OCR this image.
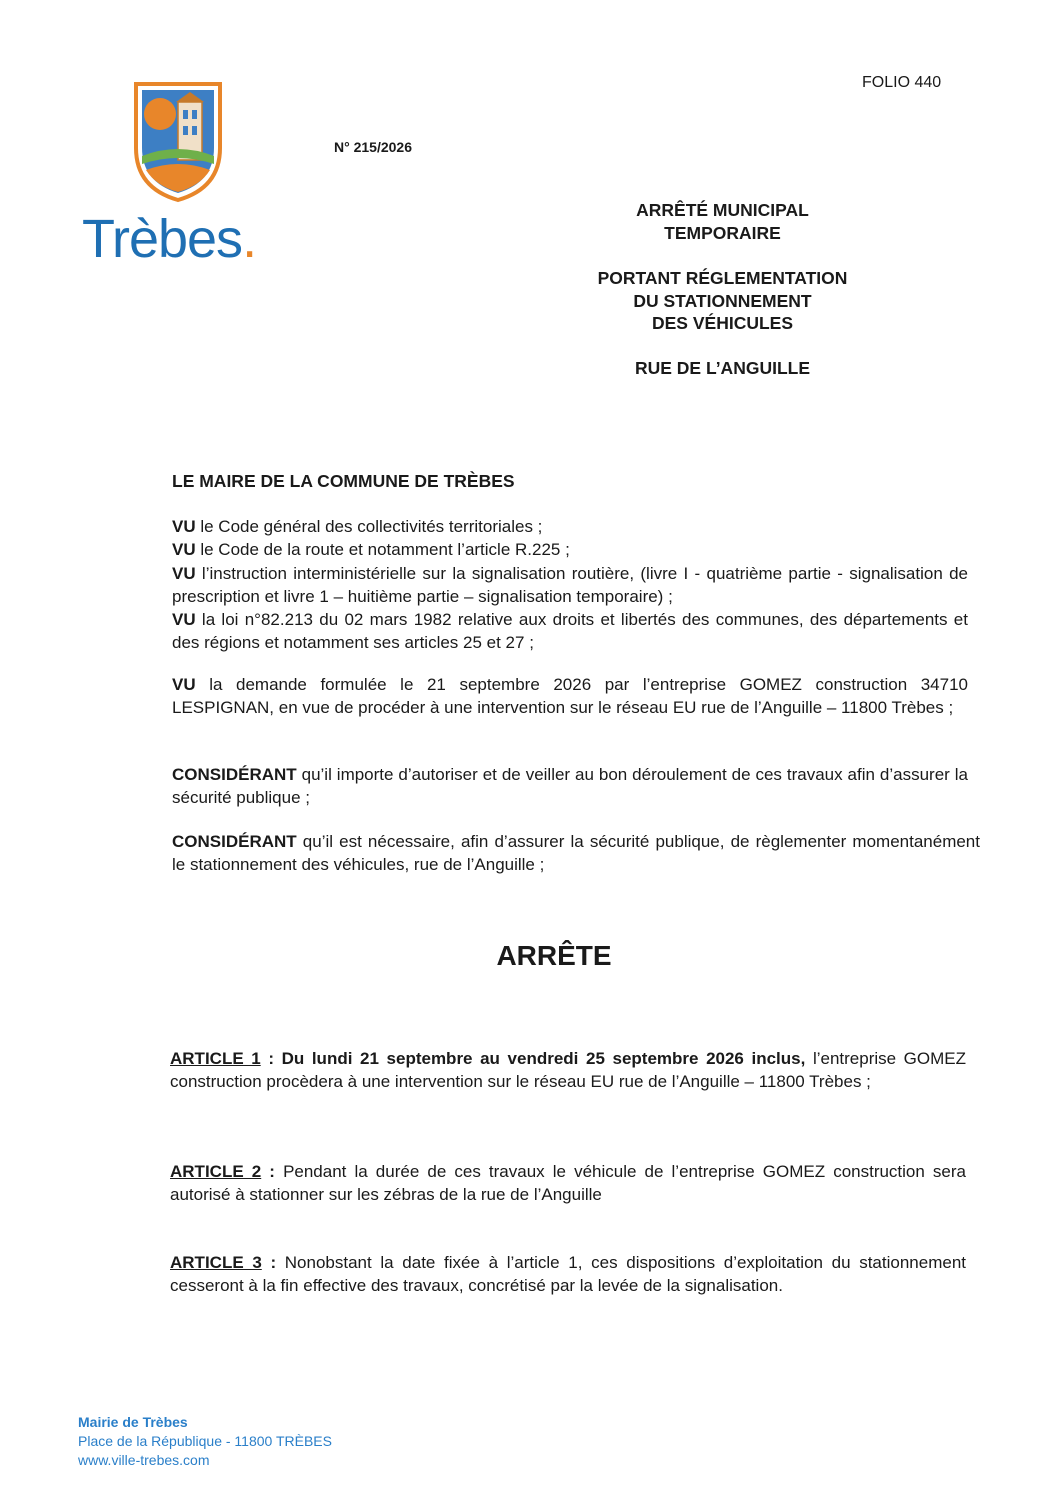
FOLIO 440
Trèbes.
N° 215/2026
ARRÊTÉ MUNICIPAL
TEMPORAIRE
PORTANT RÉGLEMENTATION
DU STATIONNEMENT
DES VÉHICULES
RUE DE L’ANGUILLE
LE MAIRE DE LA COMMUNE DE TRÈBES

VU le Code général des collectivités territoriales ;

VU le Code de la route et notamment l’article R.225 ;

VU l’instruction interministérielle sur la signalisation routière, (livre I - quatrième partie - signalisation de prescription et livre 1 – huitième partie – signalisation temporaire) ;

VU la loi n°82.213 du 02 mars 1982 relative aux droits et libertés des communes, des départements et des régions et notamment ses articles 25 et 27 ;

VU la demande formulée le 21 septembre 2026 par l’entreprise GOMEZ construction 34710 LESPIGNAN, en vue de procéder à une intervention sur le réseau EU rue de l’Anguille – 11800 Trèbes ;

CONSIDÉRANT qu’il importe d’autoriser et de veiller au bon déroulement de ces travaux afin d’assurer la sécurité publique ;

CONSIDÉRANT qu’il est nécessaire, afin d’assurer la sécurité publique, de règlementer momentanément le stationnement des véhicules, rue de l’Anguille ;

ARRÊTE
ARTICLE 1 : Du lundi 21 septembre au vendredi 25 septembre 2026 inclus, l’entreprise GOMEZ construction procèdera à une intervention sur le réseau EU rue de l’Anguille – 11800 Trèbes ;
ARTICLE 2 : Pendant la durée de ces travaux le véhicule de l’entreprise GOMEZ construction sera autorisé à stationner sur les zébras de la rue de l’Anguille
ARTICLE 3 : Nonobstant la date fixée à l’article 1, ces dispositions d’exploitation du stationnement cesseront à la fin effective des travaux, concrétisé par la levée de la signalisation.
Mairie de Trèbes
Place de la République - 11800 TRÈBES
www.ville-trebes.com
